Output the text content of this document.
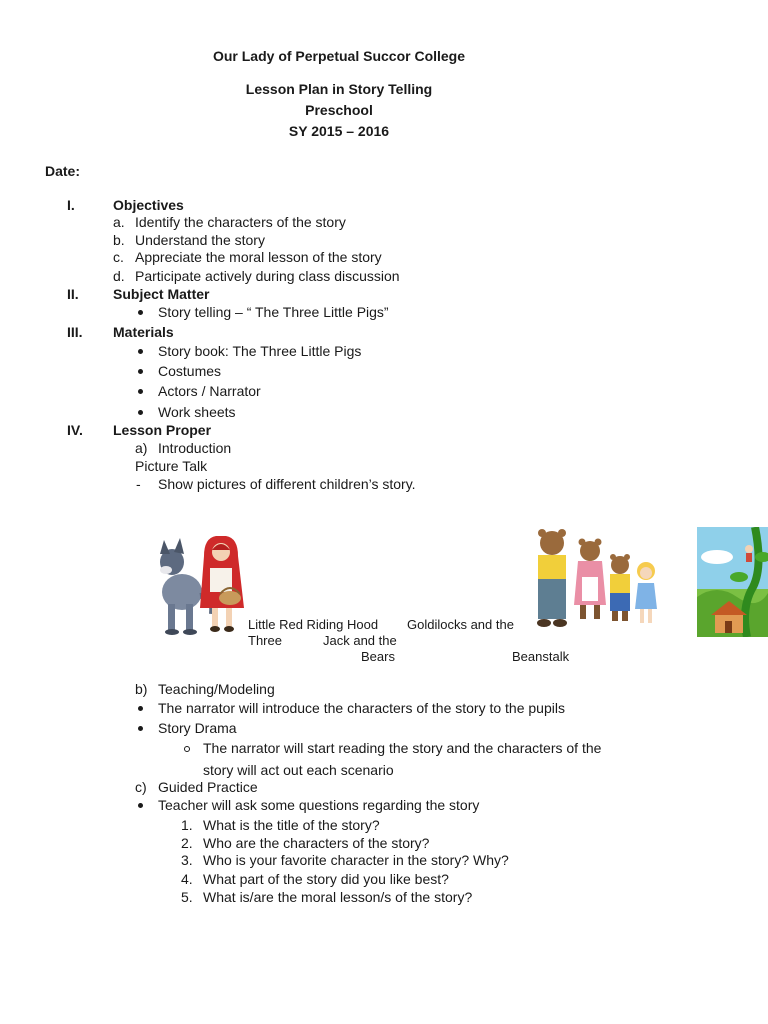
Our Lady of Perpetual Succor College
Lesson Plan in Story Telling
Preschool
SY 2015 – 2016
Date:
I.	Objectives
a. Identify the characters of the story
b. Understand the story
c. Appreciate the moral lesson of the story
d. Participate actively during class discussion
II. Subject Matter
Story telling – “ The Three Little Pigs”
III. Materials
Story book: The Three Little Pigs
Costumes
Actors / Narrator
Work sheets
IV. Lesson Proper
a) Introduction
Picture Talk
- Show pictures of different children’s story.
Little Red Riding Hood Goldilocks and the
Three	Jack and the
Bears	Beanstalk
b) Teaching/Modeling
The narrator will introduce the characters of the story to the pupils
Story Drama
The narrator will start reading the story and the characters of the
story will act out each scenario
c) Guided Practice
Teacher will ask some questions regarding the story
1. What is the title of the story?
2. Who are the characters of the story?
3. Who is your favorite character in the story? Why?
4. What part of the story did you like best?
5. What is/are the moral lesson/s of the story?
